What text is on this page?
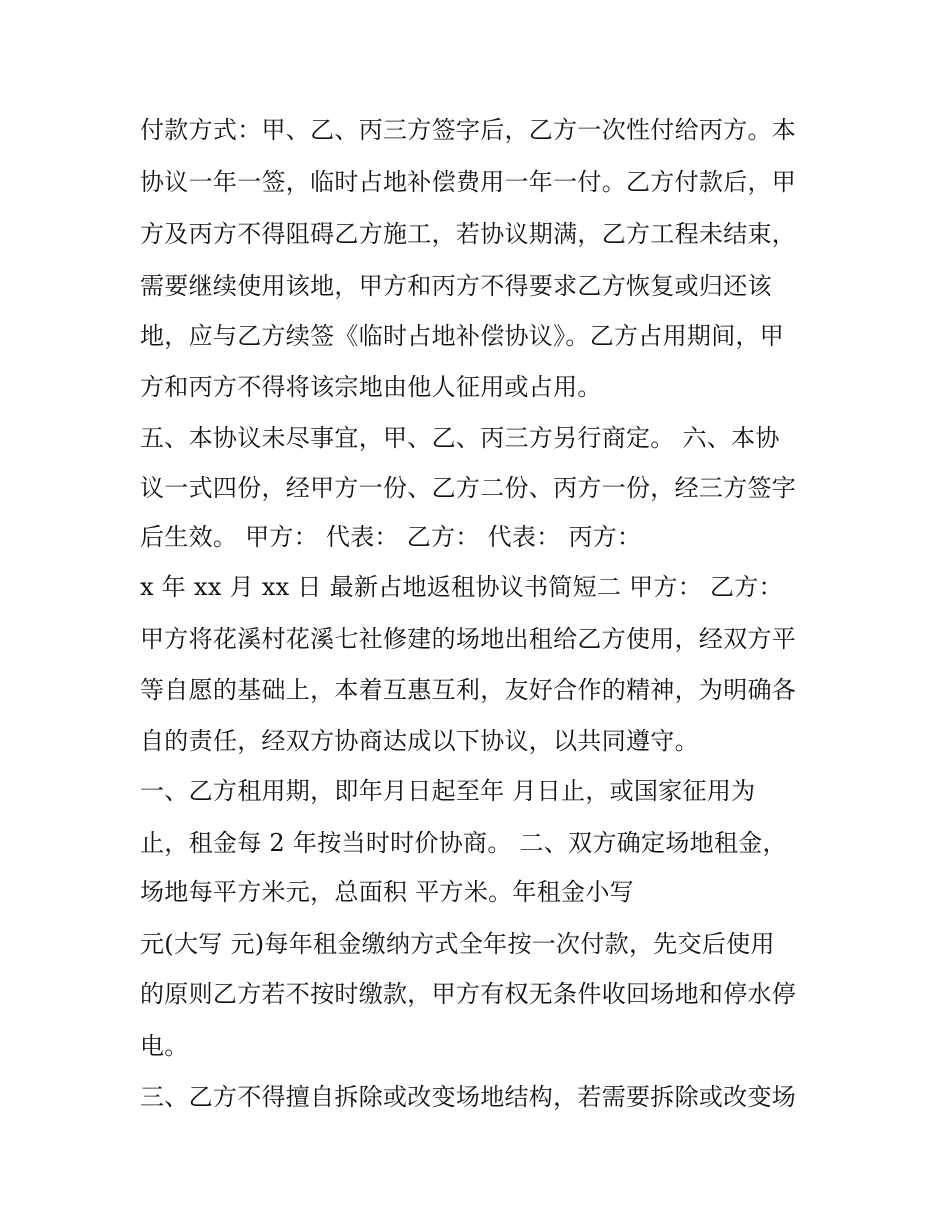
付款方式：甲、乙、丙三方签字后，乙方一次性付给丙方。本
协议一年一签，临时占地补偿费用一年一付。乙方付款后，甲
方及丙方不得阻碍乙方施工，若协议期满，乙方工程未结束，
需要继续使用该地，甲方和丙方不得要求乙方恢复或归还该
地，应与乙方续签《临时占地补偿协议》。乙方占用期间，甲
方和丙方不得将该宗地由他人征用或占用。
五、本协议未尽事宜，甲、乙、丙三方另行商定。 六、本协
议一式四份，经甲方一份、乙方二份、丙方一份，经三方签字
后生效。 甲方： 代表： 乙方： 代表： 丙方：
x 年 xx 月 xx 日 最新占地返租协议书简短二 甲方： 乙方：
甲方将花溪村花溪七社修建的场地出租给乙方使用，经双方平
等自愿的基础上，本着互惠互利，友好合作的精神，为明确各
自的责任，经双方协商达成以下协议，以共同遵守。
一、乙方租用期，即年月日起至年 月日止，或国家征用为
止，租金每 2 年按当时时价协商。 二、双方确定场地租金，
场地每平方米元，总面积 平方米。年租金小写
元(大写 元)每年租金缴纳方式全年按一次付款，先交后使用
的原则乙方若不按时缴款，甲方有权无条件收回场地和停水停
电。
三、乙方不得擅自拆除或改变场地结构，若需要拆除或改变场
